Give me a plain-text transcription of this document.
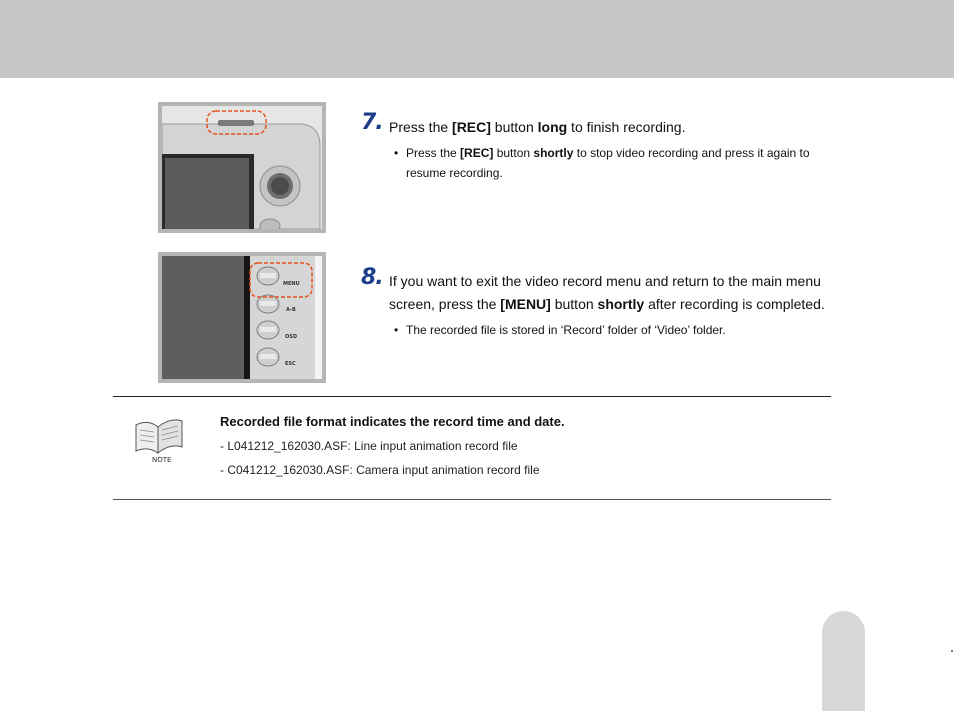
MENU
A-B
OSD
ESC
7. Press the [REC] button long to finish recording.
• Press the [REC] button shortly to stop video recording and press it again to
resume recording.
8. If you want to exit the video record menu and return to the main menu
screen, press the [MENU] button shortly after recording is completed.
• The recorded file is stored in ‘Record’ folder of ‘Video’ folder.
NOTE
Recorded file format indicates the record time and date.
- L041212_162030.ASF: Line input animation record file
- C041212_162030.ASF: Camera input animation record file
